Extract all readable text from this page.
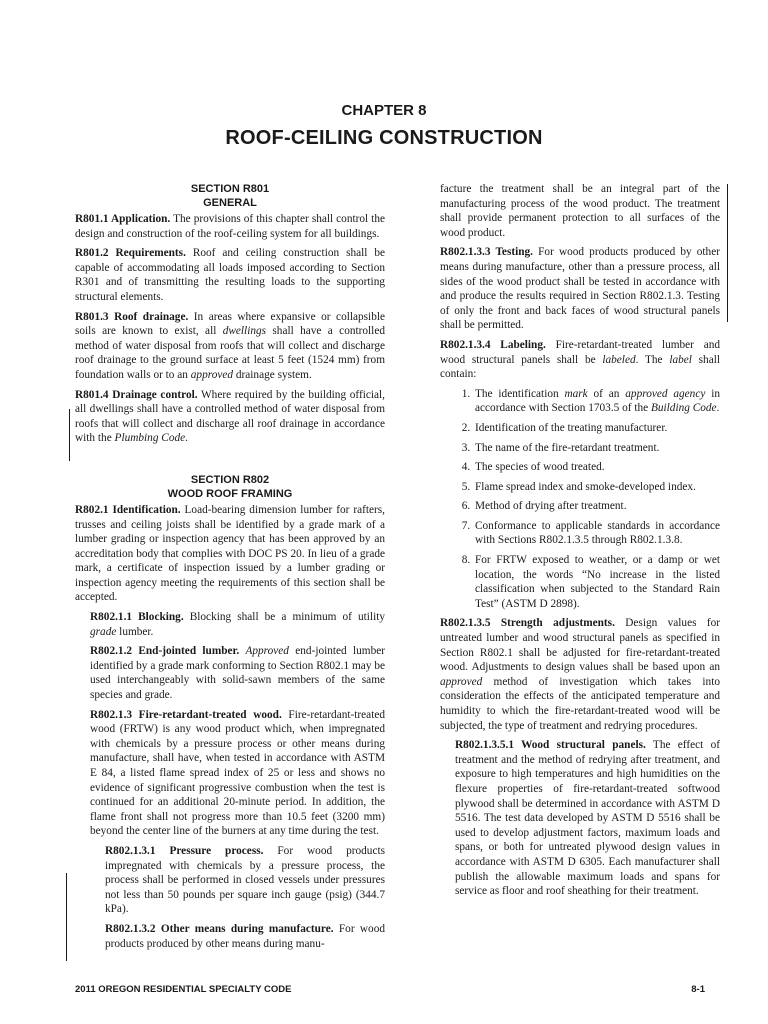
CHAPTER 8
ROOF-CEILING CONSTRUCTION
SECTION R801
GENERAL

R801.1 Application. The provisions of this chapter shall control the design and construction of the roof-ceiling system for all buildings.

R801.2 Requirements. Roof and ceiling construction shall be capable of accommodating all loads imposed according to Section R301 and of transmitting the resulting loads to the supporting structural elements.

R801.3 Roof drainage. In areas where expansive or collapsible soils are known to exist, all dwellings shall have a controlled method of water disposal from roofs that will collect and discharge roof drainage to the ground surface at least 5 feet (1524 mm) from foundation walls or to an approved drainage system.

R801.4 Drainage control. Where required by the building official, all dwellings shall have a controlled method of water disposal from roofs that will collect and discharge all roof drainage in accordance with the Plumbing Code.

SECTION R802
WOOD ROOF FRAMING

R802.1 Identification. Load-bearing dimension lumber for rafters, trusses and ceiling joists shall be identified by a grade mark of a lumber grading or inspection agency that has been approved by an accreditation body that complies with DOC PS 20. In lieu of a grade mark, a certificate of inspection issued by a lumber grading or inspection agency meeting the requirements of this section shall be accepted.

R802.1.1 Blocking. Blocking shall be a minimum of utility grade lumber.

R802.1.2 End-jointed lumber. Approved end-jointed lumber identified by a grade mark conforming to Section R802.1 may be used interchangeably with solid-sawn members of the same species and grade.

R802.1.3 Fire-retardant-treated wood. Fire-retardant-treated wood (FRTW) is any wood product which, when impregnated with chemicals by a pressure process or other means during manufacture, shall have, when tested in accordance with ASTM E 84, a listed flame spread index of 25 or less and shows no evidence of significant progressive combustion when the test is continued for an additional 20-minute period. In addition, the flame front shall not progress more than 10.5 feet (3200 mm) beyond the center line of the burners at any time during the test.

R802.1.3.1 Pressure process. For wood products impregnated with chemicals by a pressure process, the process shall be performed in closed vessels under pressures not less than 50 pounds per square inch gauge (psig) (344.7 kPa).

R802.1.3.2 Other means during manufacture. For wood products produced by other means during manu-

facture the treatment shall be an integral part of the manufacturing process of the wood product. The treatment shall provide permanent protection to all surfaces of the wood product.

R802.1.3.3 Testing. For wood products produced by other means during manufacture, other than a pressure process, all sides of the wood product shall be tested in accordance with and produce the results required in Section R802.1.3. Testing of only the front and back faces of wood structural panels shall be permitted.

R802.1.3.4 Labeling. Fire-retardant-treated lumber and wood structural panels shall be labeled. The label shall contain:

1. The identification mark of an approved agency in accordance with Section 1703.5 of the Building Code.
2. Identification of the treating manufacturer.
3. The name of the fire-retardant treatment.
4. The species of wood treated.
5. Flame spread index and smoke-developed index.
6. Method of drying after treatment.
7. Conformance to applicable standards in accordance with Sections R802.1.3.5 through R802.1.3.8.
8. For FRTW exposed to weather, or a damp or wet location, the words “No increase in the listed classification when subjected to the Standard Rain Test” (ASTM D 2898).

R802.1.3.5 Strength adjustments. Design values for untreated lumber and wood structural panels as specified in Section R802.1 shall be adjusted for fire-retardant-treated wood. Adjustments to design values shall be based upon an approved method of investigation which takes into consideration the effects of the anticipated temperature and humidity to which the fire-retardant-treated wood will be subjected, the type of treatment and redrying procedures.

R802.1.3.5.1 Wood structural panels. The effect of treatment and the method of redrying after treatment, and exposure to high temperatures and high humidities on the flexure properties of fire-retardant-treated softwood plywood shall be determined in accordance with ASTM D 5516. The test data developed by ASTM D 5516 shall be used to develop adjustment factors, maximum loads and spans, or both for untreated plywood design values in accordance with ASTM D 6305. Each manufacturer shall publish the allowable maximum loads and spans for service as floor and roof sheathing for their treatment.

2011 OREGON RESIDENTIAL SPECIALTY CODE	8-1
